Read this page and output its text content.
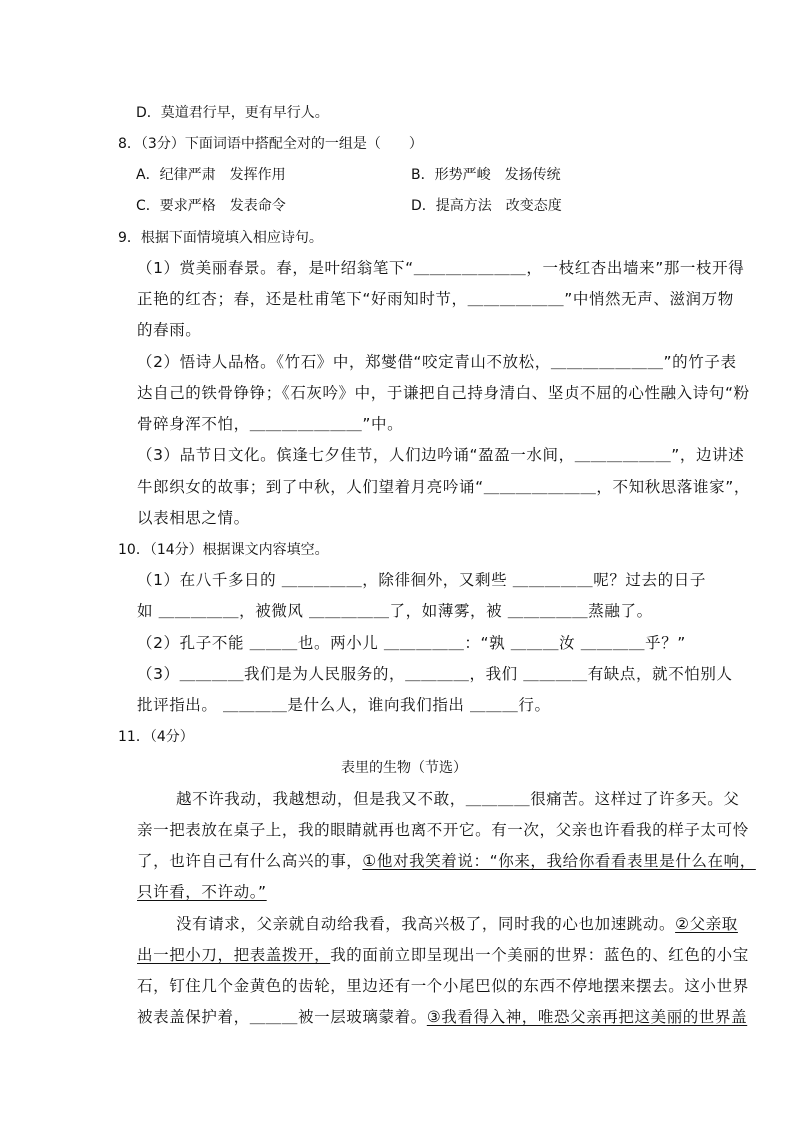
D．莫道君行早，更有早行人。
8．（3分）下面词语中搭配全对的一组是（　　）
A．纪律严肃　发挥作用	B．形势严峻　发扬传统
C．要求严格　发表命令	D．提高方法　改变态度
9．根据下面情境填入相应诗句。
（1）赏美丽春景。春，是叶绍翁笔下“＿＿＿＿＿＿＿，一枝红杏出墙来”那一枝开得
正艳的红杏；春，还是杜甫笔下“好雨知时节，＿＿＿＿＿＿”中悄然无声、滋润万物
的春雨。
（2）悟诗人品格。《竹石》中，郑燮借“咬定青山不放松，＿＿＿＿＿＿＿”的竹子表
达自己的铁骨铮铮；《石灰吟》中，于谦把自己持身清白、坚贞不屈的心性融入诗句“粉
骨碎身浑不怕，＿＿＿＿＿＿＿”中。
（3）品节日文化。傧逢七夕佳节，人们边吟诵“盈盈一水间，＿＿＿＿＿＿”，边讲述
牛郎织女的故事；到了中秋，人们望着月亮吟诵“＿＿＿＿＿＿＿，不知秋思落谁家”，
以表相思之情。
10．（14分）根据课文内容填空。
（1）在八千多日的 ＿＿＿＿＿，除徘徊外，又剩些 ＿＿＿＿＿呢？过去的日子
如 ＿＿＿＿＿，被微风 ＿＿＿＿＿了，如薄雾，被 ＿＿＿＿＿蒸融了。
（2）孔子不能 ＿＿＿也。两小儿 ＿＿＿＿＿：“孰 ＿＿＿汝 ＿＿＿＿乎？”
（3）＿＿＿＿我们是为人民服务的，＿＿＿＿，我们 ＿＿＿＿有缺点，就不怕别人
批评指出。 ＿＿＿＿是什么人，谁向我们指出 ＿＿＿行。
11．（4分）
表里的生物（节选）
越不许我动，我越想动，但是我又不敢，＿＿＿＿很痛苦。这样过了许多天。父
亲一把表放在桌子上，我的眼睛就再也离不开它。有一次，父亲也许看我的样子太可怜
了，也许自己有什么高兴的事，①他对我笑着说：“你来，我给你看看表里是什么在响，
只许看，不许动。”
没有请求，父亲就自动给我看，我高兴极了，同时我的心也加速跳动。②父亲取
出一把小刀，把表盖拨开，我的面前立即呈现出一个美丽的世界：蓝色的、红色的小宝
石，钉住几个金黄色的齿轮，里边还有一个小尾巴似的东西不停地摆来摆去。这小世界
被表盖保护着，＿＿＿被一层玻璃蒙着。③我看得入神，唯恐父亲再把这美丽的世界盖
